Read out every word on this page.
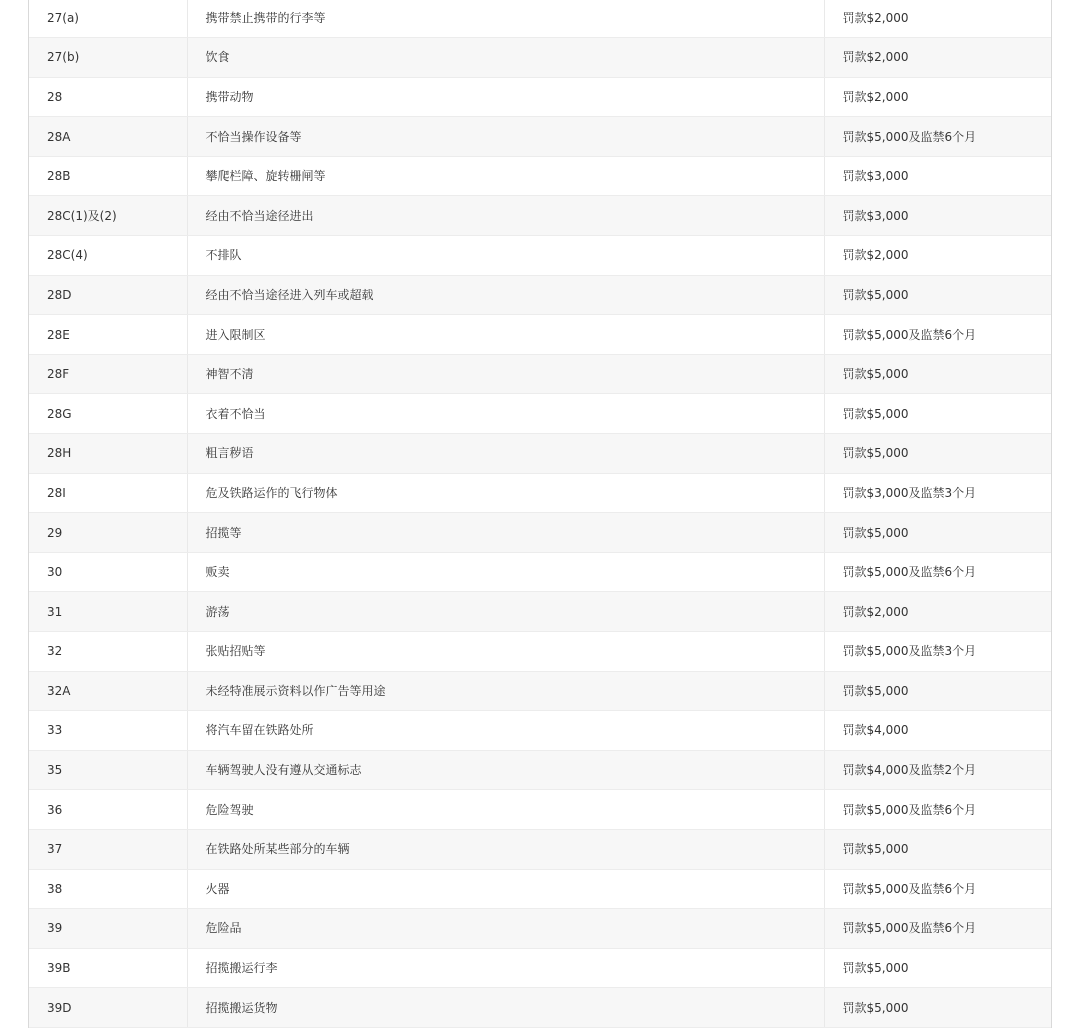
27(a)	携带禁止携带的行李等	罚款$2,000
27(b)	饮食	罚款$2,000
28	携带动物	罚款$2,000
28A	不恰当操作设备等	罚款$5,000及监禁6个月
28B	攀爬栏障、旋转栅闸等	罚款$3,000
28C(1)及(2)	经由不恰当途径进出	罚款$3,000
28C(4)	不排队	罚款$2,000
28D	经由不恰当途径进入列车或超载	罚款$5,000
28E	进入限制区	罚款$5,000及监禁6个月
28F	神智不清	罚款$5,000
28G	衣着不恰当	罚款$5,000
28H	粗言秽语	罚款$5,000
28I	危及铁路运作的飞行物体	罚款$3,000及监禁3个月
29	招揽等	罚款$5,000
30	贩卖	罚款$5,000及监禁6个月
31	游荡	罚款$2,000
32	张贴招贴等	罚款$5,000及监禁3个月
32A	未经特准展示资料以作广告等用途	罚款$5,000
33	将汽车留在铁路处所	罚款$4,000
35	车辆驾驶人没有遵从交通标志	罚款$4,000及监禁2个月
36	危险驾驶	罚款$5,000及监禁6个月
37	在铁路处所某些部分的车辆	罚款$5,000
38	火器	罚款$5,000及监禁6个月
39	危险品	罚款$5,000及监禁6个月
39B	招揽搬运行李	罚款$5,000
39D	招揽搬运货物	罚款$5,000
